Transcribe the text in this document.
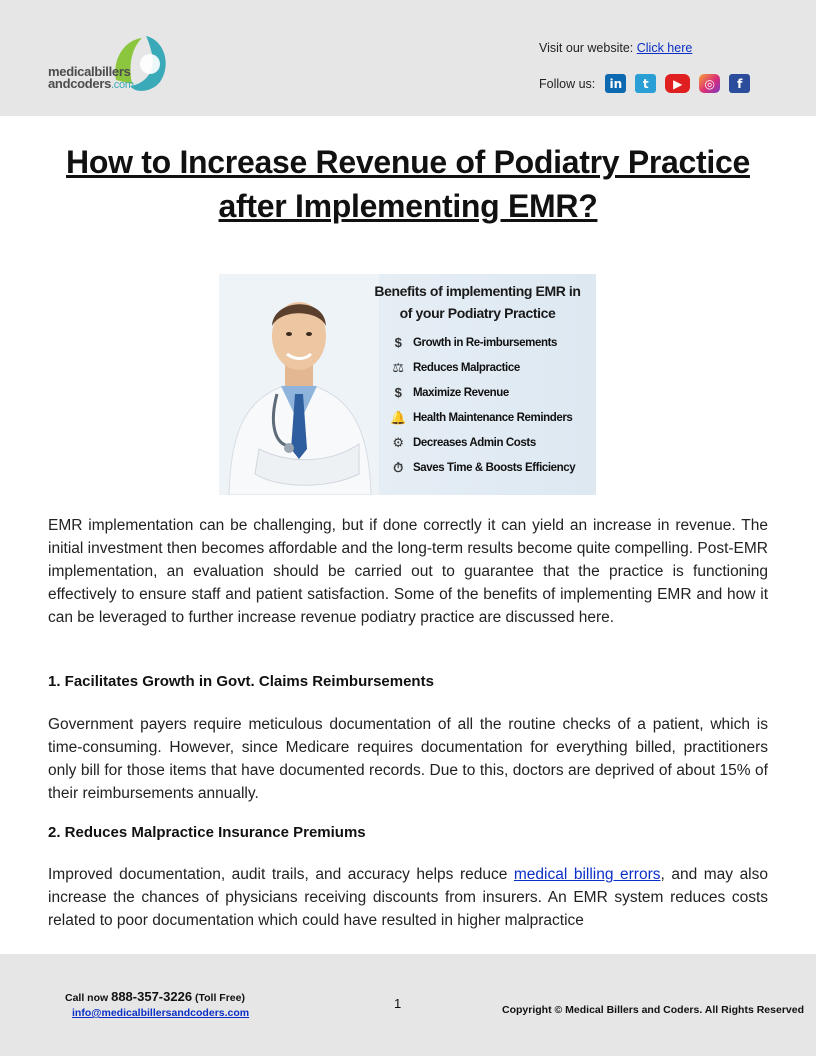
medicalbillers
andcoders.com
Visit our website: Click here
Follow us:	in	t	▶	◎	f
How to Increase Revenue of Podiatry Practice after Implementing EMR?
Benefits of implementing EMR in
of your Podiatry Practice
$	Growth in Re-imbursements
⚖ Reduces Malpractice
$	Maximize Revenue
🔔 Health Maintenance Reminders
⚙ Decreases Admin Costs
⏱ Saves Time & Boosts Efficiency

EMR implementation can be challenging, but if done correctly it can yield an increase in revenue. The initial investment then becomes affordable and the long-term results become quite compelling. Post-EMR implementation, an evaluation should be carried out to guarantee that the practice is functioning effectively to ensure staff and patient satisfaction. Some of the benefits of implementing EMR and how it can be leveraged to further increase revenue podiatry practice are discussed here.

1. Facilitates Growth in Govt. Claims Reimbursements

Government payers require meticulous documentation of all the routine checks of a patient, which is time-consuming. However, since Medicare requires documentation for everything billed, practitioners only bill for those items that have documented records. Due to this, doctors are deprived of about 15% of their reimbursements annually.

2. Reduces Malpractice Insurance Premiums

Improved documentation, audit trails, and accuracy helps reduce medical billing errors, and may also increase the chances of physicians receiving discounts from insurers. An EMR system reduces costs related to poor documentation which could have resulted in higher malpractice

Call now 888-357-3226 (Toll Free)
info@medicalbillersandcoders.com
1	Copyright © Medical Billers and Coders. All Rights Reserved
